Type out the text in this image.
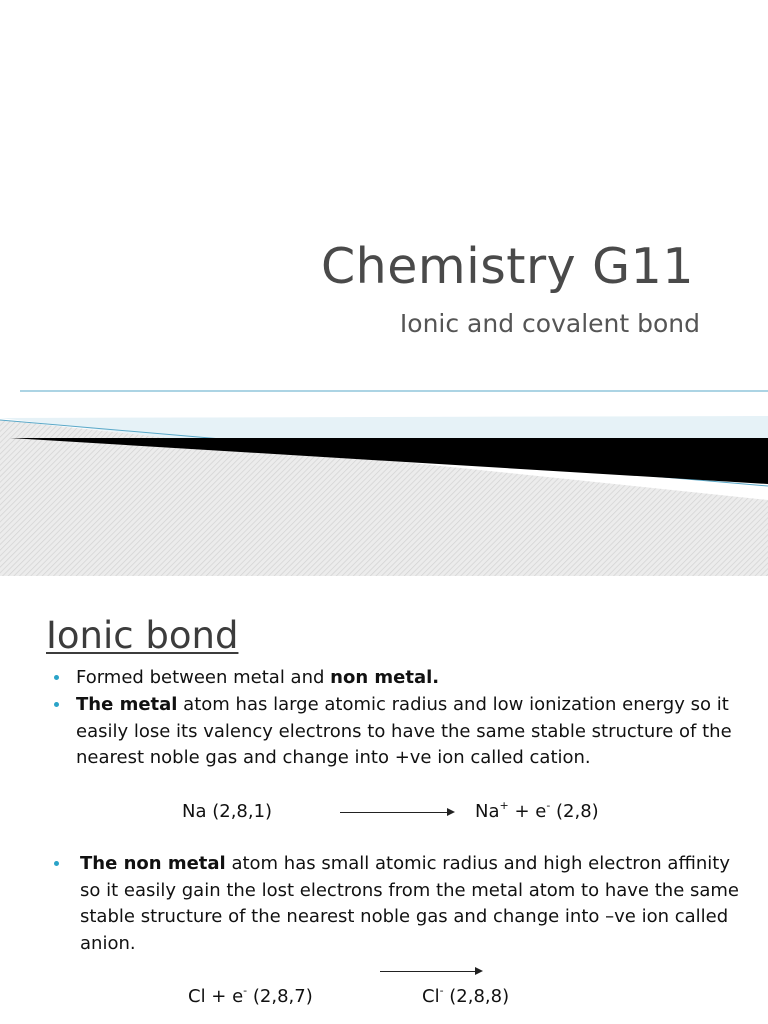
Chemistry G11
Ionic and covalent bond
Ionic bond
Formed between metal and non metal.
The metal atom has large atomic radius and low ionization energy so it easily lose its valency electrons to have the same stable structure of the nearest noble gas and change into +ve ion called cation.
Na (2,8,1)	Na+ + e- (2,8)
The non metal atom has small atomic radius and high electron affinity so it easily gain the lost electrons from the metal atom to have the same stable structure of the nearest noble gas and change into –ve ion called anion.
Cl + e- (2,8,7)	Cl- (2,8,8)
